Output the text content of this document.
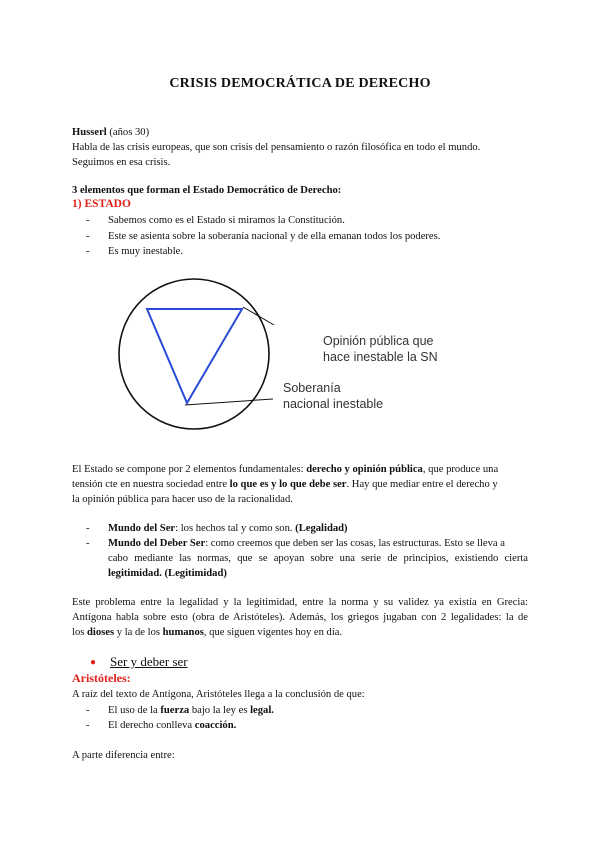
CRISIS DEMOCRÁTICA DE DERECHO
Husserl (años 30)
Habla de las crisis europeas, que son crisis del pensamiento o razón filosófica en todo el mundo.
Seguimos en esa crisis.
3 elementos que forman el Estado Democrático de Derecho:
1) ESTADO
- Sabemos como es el Estado si miramos la Constitución.
- Este se asienta sobre la soberanía nacional y de ella emanan todos los poderes.
- Es muy inestable.
Opinión pública que
hace inestable la SN
Soberanía
nacional inestable
El Estado se compone por 2 elementos fundamentales: derecho y opinión pública, que produce una
tensión cte en nuestra sociedad entre lo que es y lo que debe ser. Hay que mediar entre el derecho y
la opinión pública para hacer uso de la racionalidad.
- Mundo del Ser: los hechos tal y como son. (Legalidad)
- Mundo del Deber Ser: como creemos que deben ser las cosas, las estructuras. Esto se lleva a
cabo mediante las normas, que se apoyan sobre una serie de principios, existiendo cierta
legitimidad. (Legitimidad)
Este problema entre la legalidad y la legitimidad, entre la norma y su validez ya existía en Grecia:
Antígona habla sobre esto (obra de Aristóteles). Además, los griegos jugaban con 2 legalidades: la de
los dioses y la de los humanos, que siguen vigentes hoy en día.
● Ser y deber ser
Aristóteles:
A raíz del texto de Antígona, Aristóteles llega a la conclusión de que:
- El uso de la fuerza bajo la ley es legal.
- El derecho conlleva coacción.
A parte diferencia entre:
